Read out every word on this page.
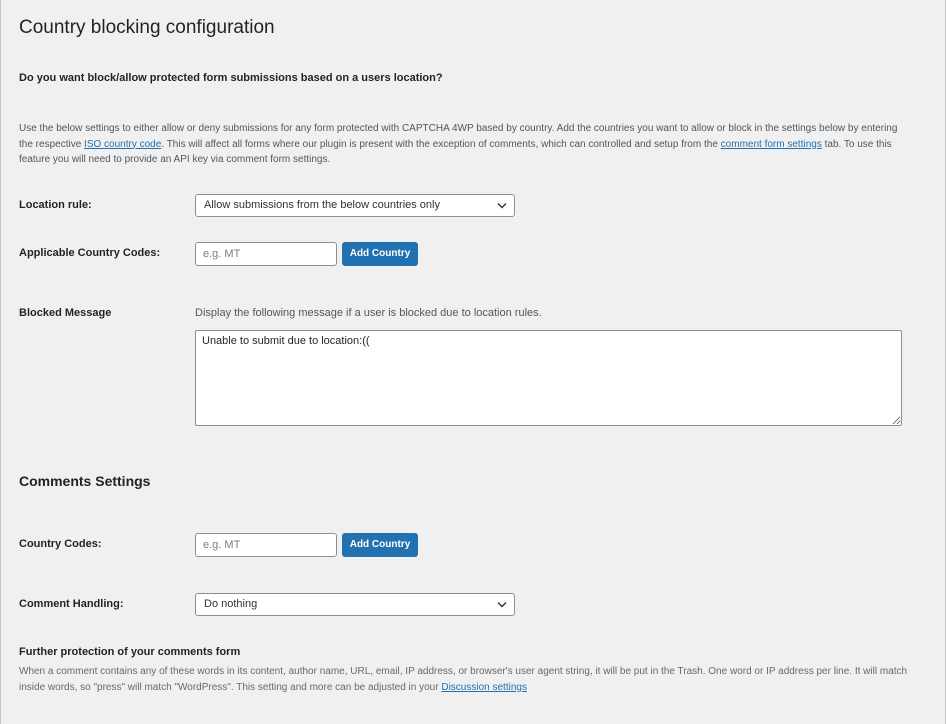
Country blocking configuration
Do you want block/allow protected form submissions based on a users location?
Use the below settings to either allow or deny submissions for any form protected with CAPTCHA 4WP based by country. Add the countries you want to allow or block in the settings below by entering the respective ISO country code. This will affect all forms where our plugin is present with the exception of comments, which can controlled and setup from the comment form settings tab. To use this feature you will need to provide an API key via comment form settings.
Location rule:	Allow submissions from the below countries only
Applicable Country Codes:
e.g. MT	Add Country
Blocked Message	Display the following message if a user is blocked due to location rules.
Unable to submit due to location:((
Comments Settings
Country Codes:
e.g. MT	Add Country
Comment Handling:	Do nothing
Further protection of your comments form
When a comment contains any of these words in its content, author name, URL, email, IP address, or browser's user agent string, it will be put in the Trash. One word or IP address per line. It will match inside words, so "press" will match "WordPress". This setting and more can be adjusted in your Discussion settings
